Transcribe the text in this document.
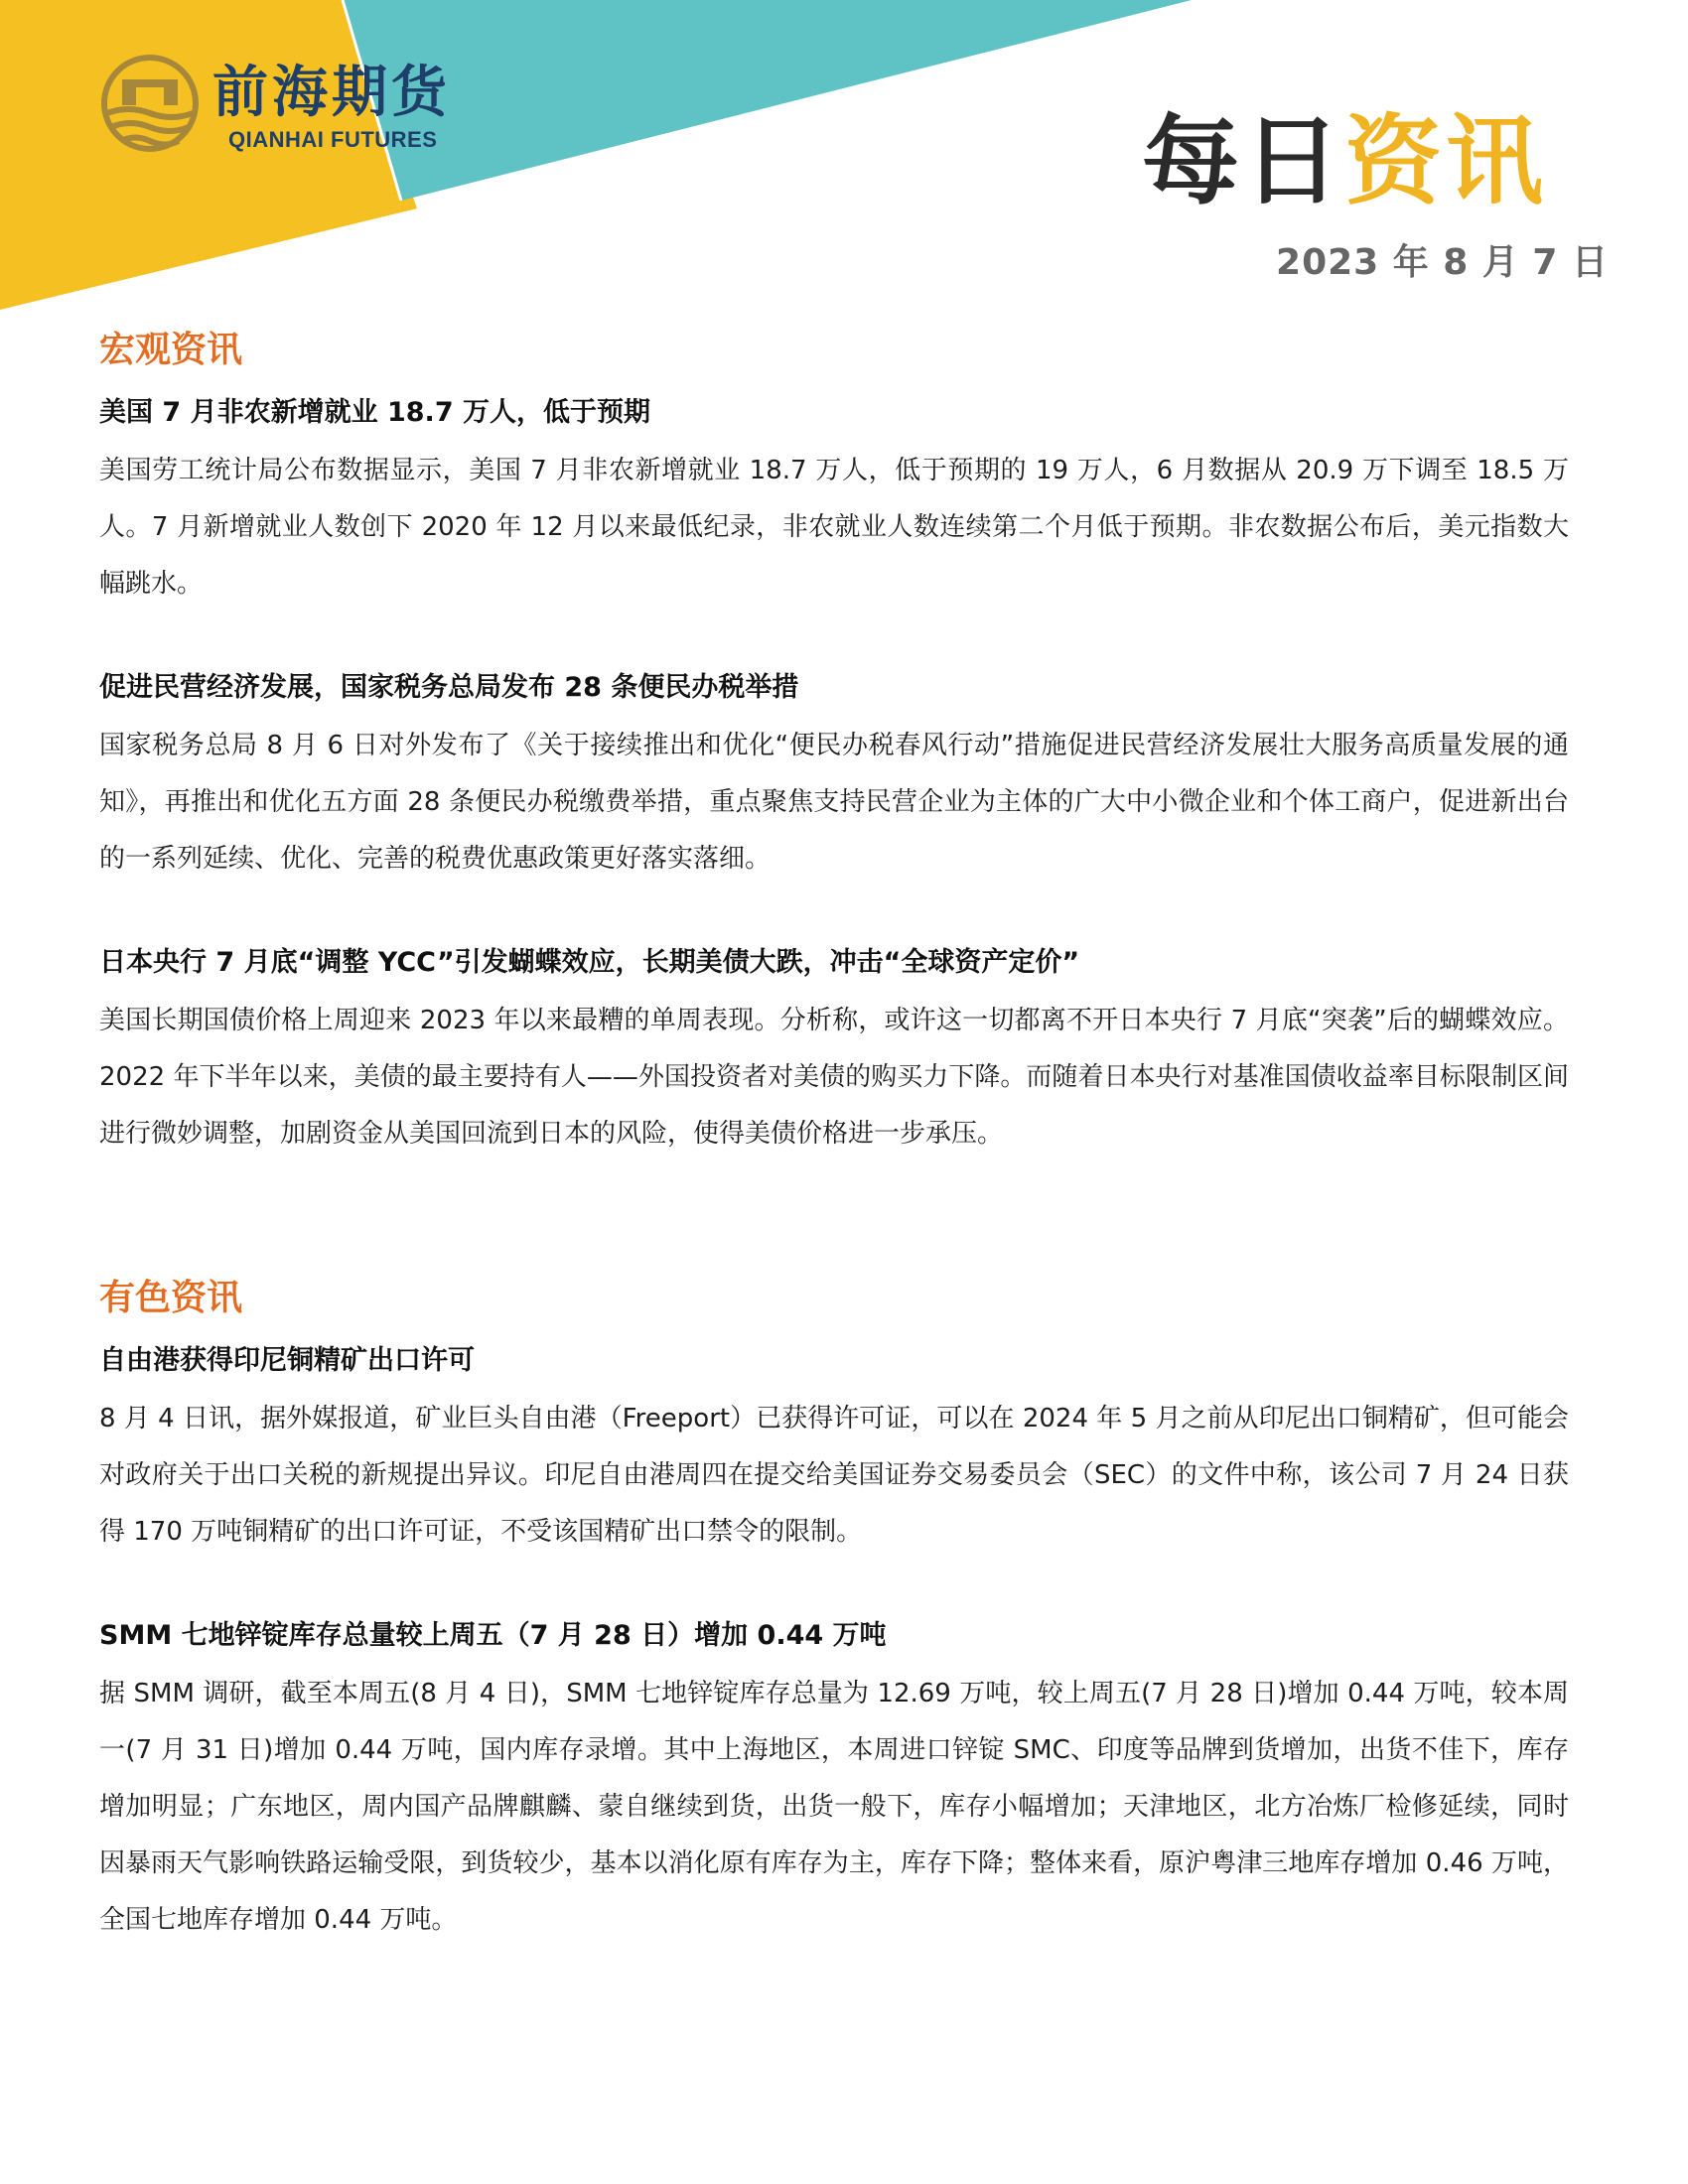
前海期货
QIANHAI FUTURES	每日资讯
2023 年 8 月 7 日
宏观资讯
美国 7 月非农新增就业 18.7 万人，低于预期

美国劳工统计局公布数据显示，美国 7 月非农新增就业 18.7 万人，低于预期的 19 万人，6 月数据从 20.9 万下调至 18.5 万人。7 月新增就业人数创下 2020 年 12 月以来最低纪录，非农就业人数连续第二个月低于预期。非农数据公布后，美元指数大幅跳水。

促进民营经济发展，国家税务总局发布 28 条便民办税举措

国家税务总局 8 月 6 日对外发布了《关于接续推出和优化“便民办税春风行动”措施促进民营经济发展壮大服务高质量发展的通知》，再推出和优化五方面 28 条便民办税缴费举措，重点聚焦支持民营企业为主体的广大中小微企业和个体工商户，促进新出台的一系列延续、优化、完善的税费优惠政策更好落实落细。

日本央行 7 月底“调整 YCC”引发蝴蝶效应，长期美债大跌，冲击“全球资产定价”

美国长期国债价格上周迎来 2023 年以来最糟的单周表现。分析称，或许这一切都离不开日本央行 7 月底“突袭”后的蝴蝶效应。2022 年下半年以来，美债的最主要持有人——外国投资者对美债的购买力下降。而随着日本央行对基准国债收益率目标限制区间进行微妙调整，加剧资金从美国回流到日本的风险，使得美债价格进一步承压。

有色资讯
自由港获得印尼铜精矿出口许可

8 月 4 日讯，据外媒报道，矿业巨头自由港（Freeport）已获得许可证，可以在 2024 年 5 月之前从印尼出口铜精矿，但可能会对政府关于出口关税的新规提出异议。印尼自由港周四在提交给美国证券交易委员会（SEC）的文件中称，该公司 7 月 24 日获得 170 万吨铜精矿的出口许可证，不受该国精矿出口禁令的限制。

SMM 七地锌锭库存总量较上周五（7 月 28 日）增加 0.44 万吨

据 SMM 调研，截至本周五(8 月 4 日)，SMM 七地锌锭库存总量为 12.69 万吨，较上周五(7 月 28 日)增加 0.44 万吨，较本周一(7 月 31 日)增加 0.44 万吨，国内库存录增。其中上海地区，本周进口锌锭 SMC、印度等品牌到货增加，出货不佳下，库存增加明显；广东地区，周内国产品牌麒麟、蒙自继续到货，出货一般下，库存小幅增加；天津地区，北方冶炼厂检修延续，同时因暴雨天气影响铁路运输受限，到货较少，基本以消化原有库存为主，库存下降；整体来看，原沪粤津三地库存增加 0.46 万吨，全国七地库存增加 0.44 万吨。
